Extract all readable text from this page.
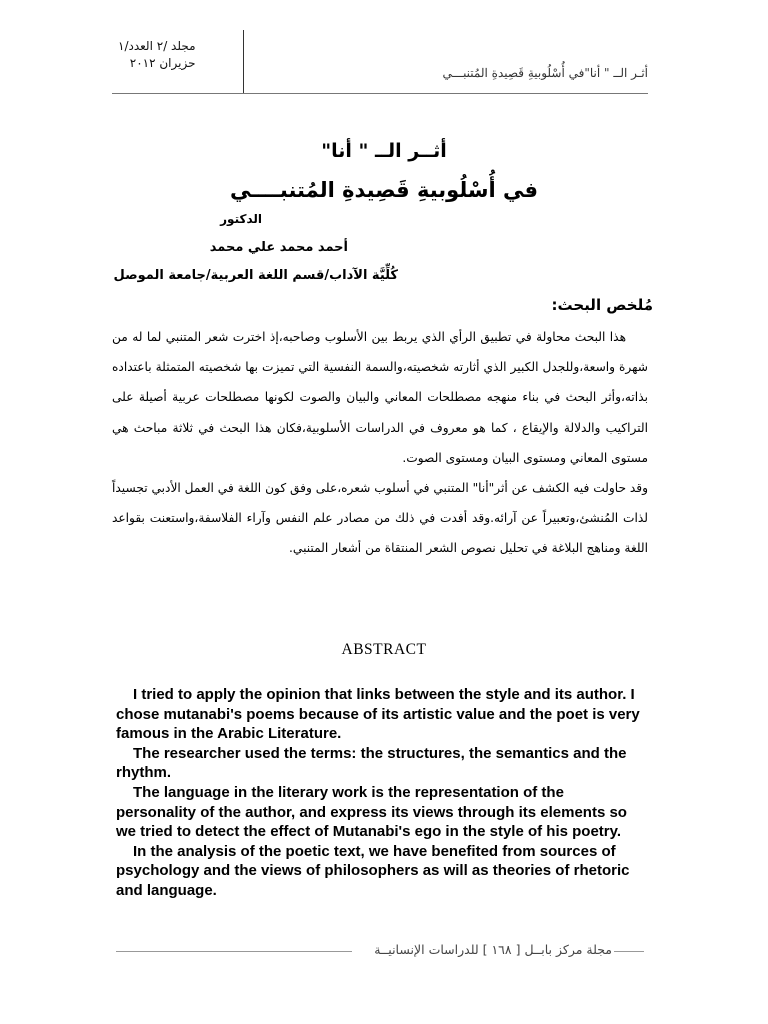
مجلد /٢ العدد/١
حزيران ٢٠١٢
أثـر الــ " أنا"في أُسْلُوبيةِ قَصِيدةِ المُتنبـــي
أثــر الــ " أنا"
في أُسْلُوبيةِ قَصِيدةِ المُتنبــــي
الدكتور
أحمد محمد علي محمد
كُلِّيَّة الآداب/قسم اللغة العربية/جامعة الموصل
مُلخص البحث:

هذا البحث محاولة في تطبيق الرأي الذي يربط بين الأسلوب وصاحبه،إذ اخترت شعر المتنبي لما له من شهرة واسعة،وللجدل الكبير الذي أثارته شخصيته،والسمة النفسية التي تميزت بها شخصيته المتمثلة باعتداده بذاته،وأثر البحث في بناء منهجه مصطلحات المعاني والبيان والصوت لكونها مصطلحات عربية أصيلة على التراكيب والدلالة والإيقاع ، كما هو معروف في الدراسات الأسلوبية،فكان هذا البحث في ثلاثة مباحث هي مستوى المعاني ومستوى البيان ومستوى الصوت.

وقد حاولت فيه الكشف عن أثر"أنا" المتنبي في أسلوب شعره،على وفق كون اللغة في العمل الأدبي تجسيداً لذات المُنشئ،وتعبيراً عن آرائه.وقد أفدت في ذلك من مصادر علم النفس وآراء الفلاسفة،واستعنت بقواعد اللغة ومناهج البلاغة في تحليل نصوص الشعر المنتقاة من أشعار المتنبي.

ABSTRACT

I tried to apply the opinion that links between the style and its author. I chose mutanabi's poems because of its artistic value and the poet is very famous in the Arabic Literature.

The researcher used the terms: the structures, the semantics and the rhythm.

The language in the literary work is the representation of the personality of the author, and express its views through its elements so we tried to detect the effect of Mutanabi's ego in the style of his poetry.

In the analysis of the poetic text, we have benefited from sources of psychology and the views of philosophers as will as theories of rhetoric and language.

مجلة مركز بابــل [ ١٦٨ ] للدراسات الإنسانيــة
